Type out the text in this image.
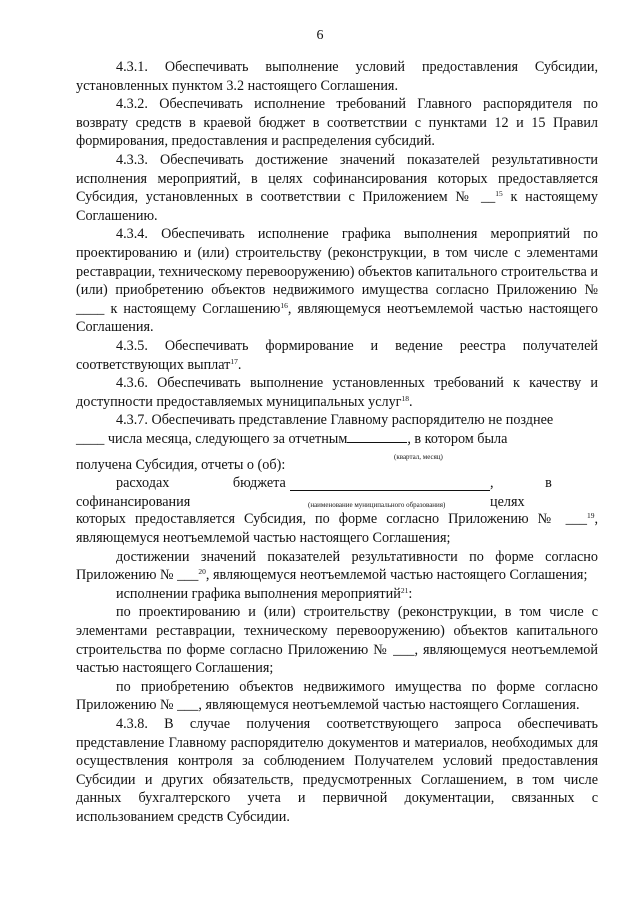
6

4.3.1. Обеспечивать выполнение условий предоставления Субсидии, установленных пунктом 3.2 настоящего Соглашения.

4.3.2. Обеспечивать исполнение требований Главного распорядителя по возврату средств в краевой бюджет в соответствии с пунктами 12 и 15 Правил формирования, предоставления и распределения субсидий.

4.3.3. Обеспечивать достижение значений показателей результативности исполнения мероприятий, в целях софинансирования которых предоставляется Субсидия, установленных в соответствии с Приложением № __$^{15}$ к настоящему Соглашению.

4.3.4. Обеспечивать исполнение графика выполнения мероприятий по проектированию и (или) строительству (реконструкции, в том числе с элементами реставрации, техническому перевооружению) объектов капитального строительства и (или) приобретению объектов недвижимого имущества согласно Приложению № ____ к настоящему Соглашению$^{16}$, являющемуся неотъемлемой частью настоящего Соглашения.

4.3.5. Обеспечивать формирование и ведение реестра получателей соответствующих выплат$^{17}$.

4.3.6. Обеспечивать выполнение установленных требований к качеству и доступности предоставляемых муниципальных услуг$^{18}$.

4.3.7. Обеспечивать представление Главному распорядителю не позднее

____ числа месяца, следующего за отчетным	, в котором была
(квартал, месяц)

получена Субсидия, отчеты о (об):

расходах бюджета	, в целях
софинансирования	(наименование муниципального образования)

которых предоставляется Субсидия, по форме согласно Приложению № ___$^{19}$, являющемуся неотъемлемой частью настоящего Соглашения;

достижении значений показателей результативности по форме согласно Приложению № ___$^{20}$, являющемуся неотъемлемой частью настоящего Соглашения;

исполнении графика выполнения мероприятий$^{21}$:

по проектированию и (или) строительству (реконструкции, в том числе с элементами реставрации, техническому перевооружению) объектов капитального строительства по форме согласно Приложению № ___, являющемуся неотъемлемой частью настоящего Соглашения;

по приобретению объектов недвижимого имущества по форме согласно Приложению № ___, являющемуся неотъемлемой частью настоящего Соглашения.

4.3.8. В случае получения соответствующего запроса обеспечивать представление Главному распорядителю документов и материалов, необходимых для осуществления контроля за соблюдением Получателем условий предоставления Субсидии и других обязательств, предусмотренных Соглашением, в том числе данных бухгалтерского учета и первичной документации, связанных с использованием средств Субсидии.
